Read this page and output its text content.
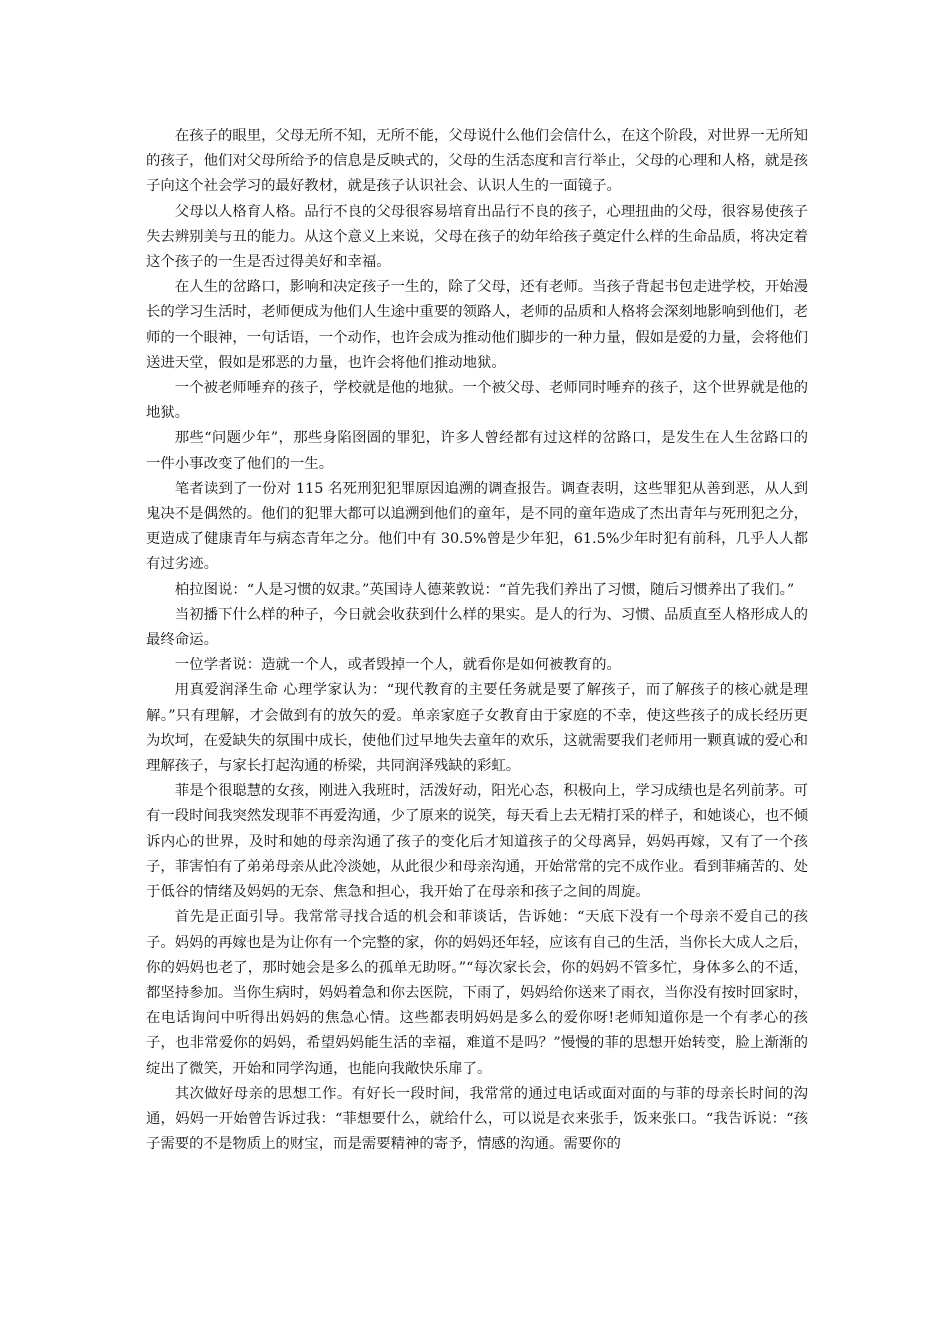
在孩子的眼里，父母无所不知，无所不能，父母说什么他们会信什么，在这个阶段，对世界一无所知的孩子，他们对父母所给予的信息是反映式的，父母的生活态度和言行举止，父母的心理和人格，就是孩子向这个社会学习的最好教材，就是孩子认识社会、认识人生的一面镜子。

父母以人格育人格。品行不良的父母很容易培育出品行不良的孩子，心理扭曲的父母，很容易使孩子失去辨别美与丑的能力。从这个意义上来说，父母在孩子的幼年给孩子奠定什么样的生命品质，将决定着这个孩子的一生是否过得美好和幸福。

在人生的岔路口，影响和决定孩子一生的，除了父母，还有老师。当孩子背起书包走进学校，开始漫长的学习生活时，老师便成为他们人生途中重要的领路人，老师的品质和人格将会深刻地影响到他们，老师的一个眼神，一句话语，一个动作，也许会成为推动他们脚步的一种力量，假如是爱的力量，会将他们送进天堂，假如是邪恶的力量，也许会将他们推动地狱。

一个被老师唾弃的孩子，学校就是他的地狱。一个被父母、老师同时唾弃的孩子，这个世界就是他的地狱。

那些“问题少年”，那些身陷囹圄的罪犯，许多人曾经都有过这样的岔路口，是发生在人生岔路口的一件小事改变了他们的一生。

笔者读到了一份对 115 名死刑犯犯罪原因追溯的调查报告。调查表明，这些罪犯从善到恶，从人到鬼决不是偶然的。他们的犯罪大都可以追溯到他们的童年，是不同的童年造成了杰出青年与死刑犯之分，更造成了健康青年与病态青年之分。他们中有 30.5%曾是少年犯，61.5%少年时犯有前科，几乎人人都有过劣迹。

柏拉图说：“人是习惯的奴隶。”英国诗人德莱敦说：“首先我们养出了习惯，随后习惯养出了我们。”

当初播下什么样的种子，今日就会收获到什么样的果实。是人的行为、习惯、品质直至人格形成人的最终命运。

一位学者说：造就一个人，或者毁掉一个人，就看你是如何被教育的。

用真爱润泽生命 心理学家认为：“现代教育的主要任务就是要了解孩子，而了解孩子的核心就是理解。”只有理解，才会做到有的放矢的爱。单亲家庭子女教育由于家庭的不幸，使这些孩子的成长经历更为坎坷，在爱缺失的氛围中成长，使他们过早地失去童年的欢乐，这就需要我们老师用一颗真诚的爱心和理解孩子，与家长打起沟通的桥梁，共同润泽残缺的彩虹。

菲是个很聪慧的女孩，刚进入我班时，活泼好动，阳光心态，积极向上，学习成绩也是名列前茅。可有一段时间我突然发现菲不再爱沟通，少了原来的说笑，每天看上去无精打采的样子，和她谈心，也不倾诉内心的世界，及时和她的母亲沟通了孩子的变化后才知道孩子的父母离异，妈妈再嫁，又有了一个孩子，菲害怕有了弟弟母亲从此冷淡她，从此很少和母亲沟通，开始常常的完不成作业。看到菲痛苦的、处于低谷的情绪及妈妈的无奈、焦急和担心，我开始了在母亲和孩子之间的周旋。

首先是正面引导。我常常寻找合适的机会和菲谈话，告诉她：“天底下没有一个母亲不爱自己的孩子。妈妈的再嫁也是为让你有一个完整的家，你的妈妈还年轻，应该有自己的生活，当你长大成人之后，你的妈妈也老了，那时她会是多么的孤单无助呀。”“每次家长会，你的妈妈不管多忙，身体多么的不适，都坚持参加。当你生病时，妈妈着急和你去医院，下雨了，妈妈给你送来了雨衣，当你没有按时回家时，在电话询问中听得出妈妈的焦急心情。这些都表明妈妈是多么的爱你呀!老师知道你是一个有孝心的孩子，也非常爱你的妈妈，希望妈妈能生活的幸福，难道不是吗？”慢慢的菲的思想开始转变，脸上渐渐的绽出了微笑，开始和同学沟通，也能向我敞快乐扉了。

其次做好母亲的思想工作。有好长一段时间，我常常的通过电话或面对面的与菲的母亲长时间的沟通，妈妈一开始曾告诉过我：“菲想要什么，就给什么，可以说是衣来张手，饭来张口。“我告诉说：“孩子需要的不是物质上的财宝，而是需要精神的寄予，情感的沟通。需要你的
